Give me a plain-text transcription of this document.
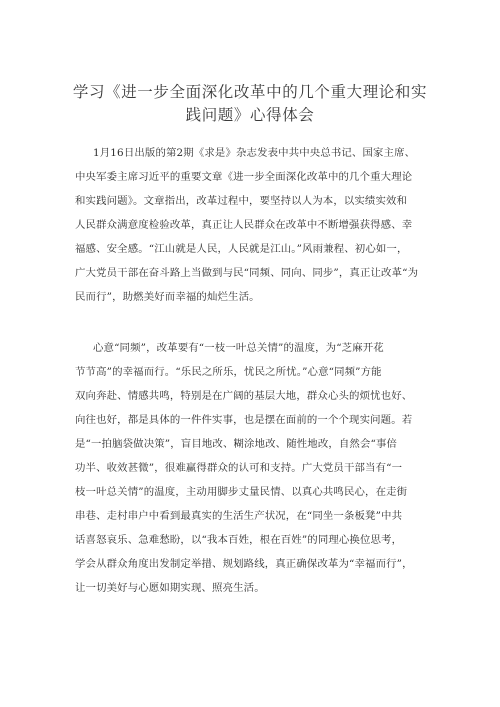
学习《进一步全面深化改革中的几个重大理论和实
践问题》心得体会
1月16日出版的第2期《求是》杂志发表中共中央总书记、国家主席、
中央军委主席习近平的重要文章《进一步全面深化改革中的几个重大理论
和实践问题》。文章指出，改革过程中，要坚持以人为本，以实绩实效和
人民群众满意度检验改革，真正让人民群众在改革中不断增强获得感、幸
福感、安全感。“江山就是人民，人民就是江山。”风雨兼程、初心如一，
广大党员干部在奋斗路上当做到与民“同频、同向、同步”，真正让改革“为
民而行”，助燃美好而幸福的灿烂生活。
心意“同频”，改革要有“一枝一叶总关情”的温度，为“芝麻开花
节节高”的幸福而行。“乐民之所乐，忧民之所忧。”心意“同频”方能
双向奔赴、情感共鸣，特别是在广阔的基层大地，群众心头的烦忧也好、
向往也好，都是具体的一件件实事，也是摆在面前的一个个现实问题。若
是“一拍脑袋做决策”，盲目地改、糊涂地改、随性地改，自然会“事倍
功半、收效甚微”，很难赢得群众的认可和支持。广大党员干部当有“一
枝一叶总关情”的温度，主动用脚步丈量民情、以真心共鸣民心，在走街
串巷、走村串户中看到最真实的生活生产状况，在“同坐一条板凳”中共
话喜怒哀乐、急难愁盼，以“我本百姓，根在百姓”的同理心换位思考，
学会从群众角度出发制定举措、规划路线，真正确保改革为“幸福而行”，
让一切美好与心愿如期实现、照亮生活。
